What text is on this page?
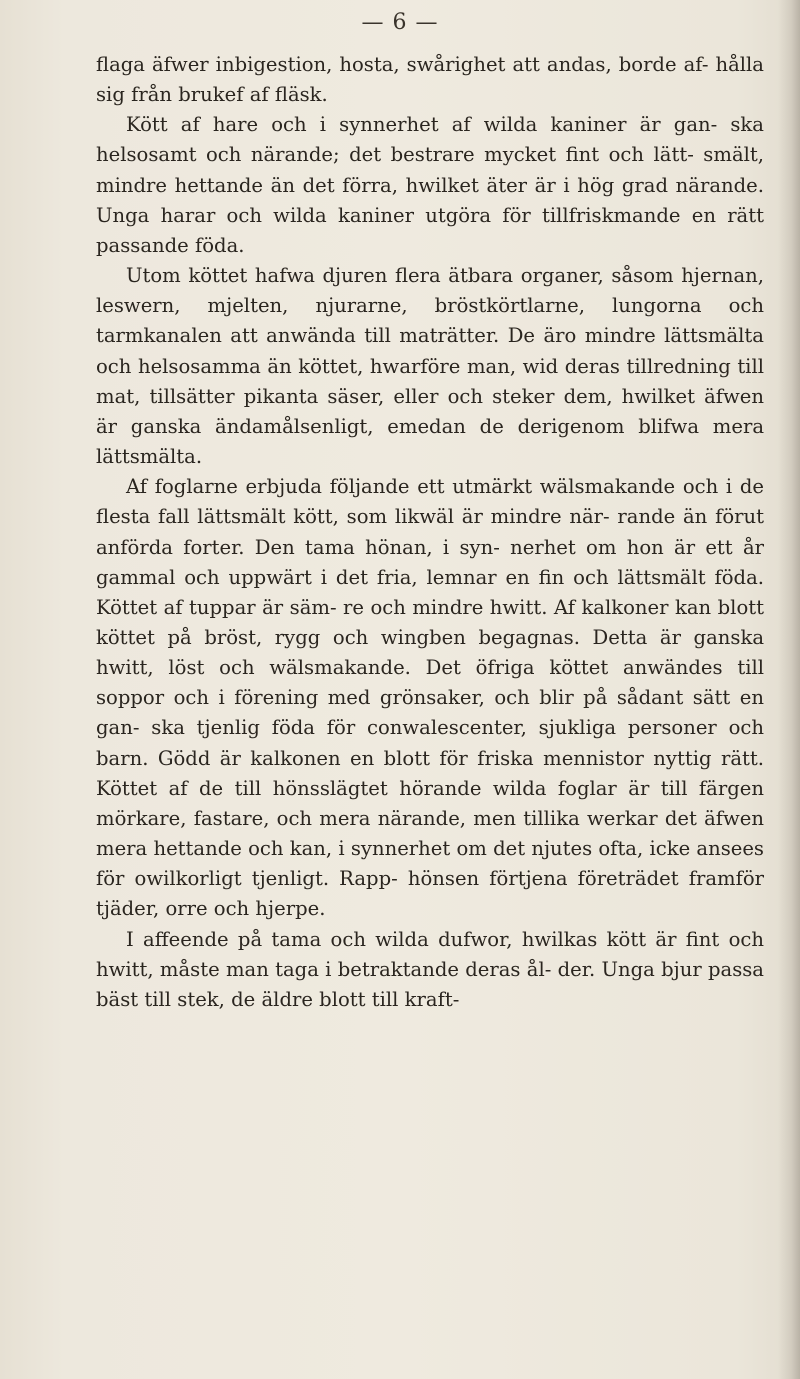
— 6 —

flaga äfwer inbigestion, hosta, swårighet att andas, borde af- hålla sig från brukef af fläsk.

Kött af hare och i synnerhet af wilda kaniner är gan- ska helsosamt och närande; det bestrare mycket fint och lätt- smält, mindre hettande än det förra, hwilket äter är i hög grad närande. Unga harar och wilda kaniner utgöra för tillfriskmande en rätt passande föda.

Utom köttet hafwa djuren flera ätbara organer, såsom hjernan, leswern, mjelten, njurarne, bröstkörtlarne, lungorna och tarmkanalen att anwända till maträtter. De äro mindre lättsmälta och helsosamma än köttet, hwarföre man, wid deras tillredning till mat, tillsätter pikanta säser, eller och steker dem, hwilket äfwen är ganska ändamålsenligt, emedan de derigenom blifwa mera lättsmälta.

Af foglarne erbjuda följande ett utmärkt wälsmakande och i de flesta fall lättsmält kött, som likwäl är mindre när- rande än förut anförda forter. Den tama hönan, i syn- nerhet om hon är ett år gammal och uppwärt i det fria, lemnar en fin och lättsmält föda. Köttet af tuppar är säm- re och mindre hwitt. Af kalkoner kan blott köttet på bröst, rygg och wingben begagnas. Detta är ganska hwitt, löst och wälsmakande. Det öfriga köttet anwändes till soppor och i förening med grönsaker, och blir på sådant sätt en gan- ska tjenlig föda för conwalescenter, sjukliga personer och barn. Gödd är kalkonen en blott för friska mennistor nyttig rätt. Köttet af de till hönsslägtet hörande wilda foglar är till färgen mörkare, fastare, och mera närande, men tillika werkar det äfwen mera hettande och kan, i synnerhet om det njutes ofta, icke ansees för owilkorligt tjenligt. Rapp- hönsen förtjena företrädet framför tjäder, orre och hjerpe.

I affeende på tama och wilda dufwor, hwilkas kött är fint och hwitt, måste man taga i betraktande deras ål- der. Unga bjur passa bäst till stek, de äldre blott till kraft-
